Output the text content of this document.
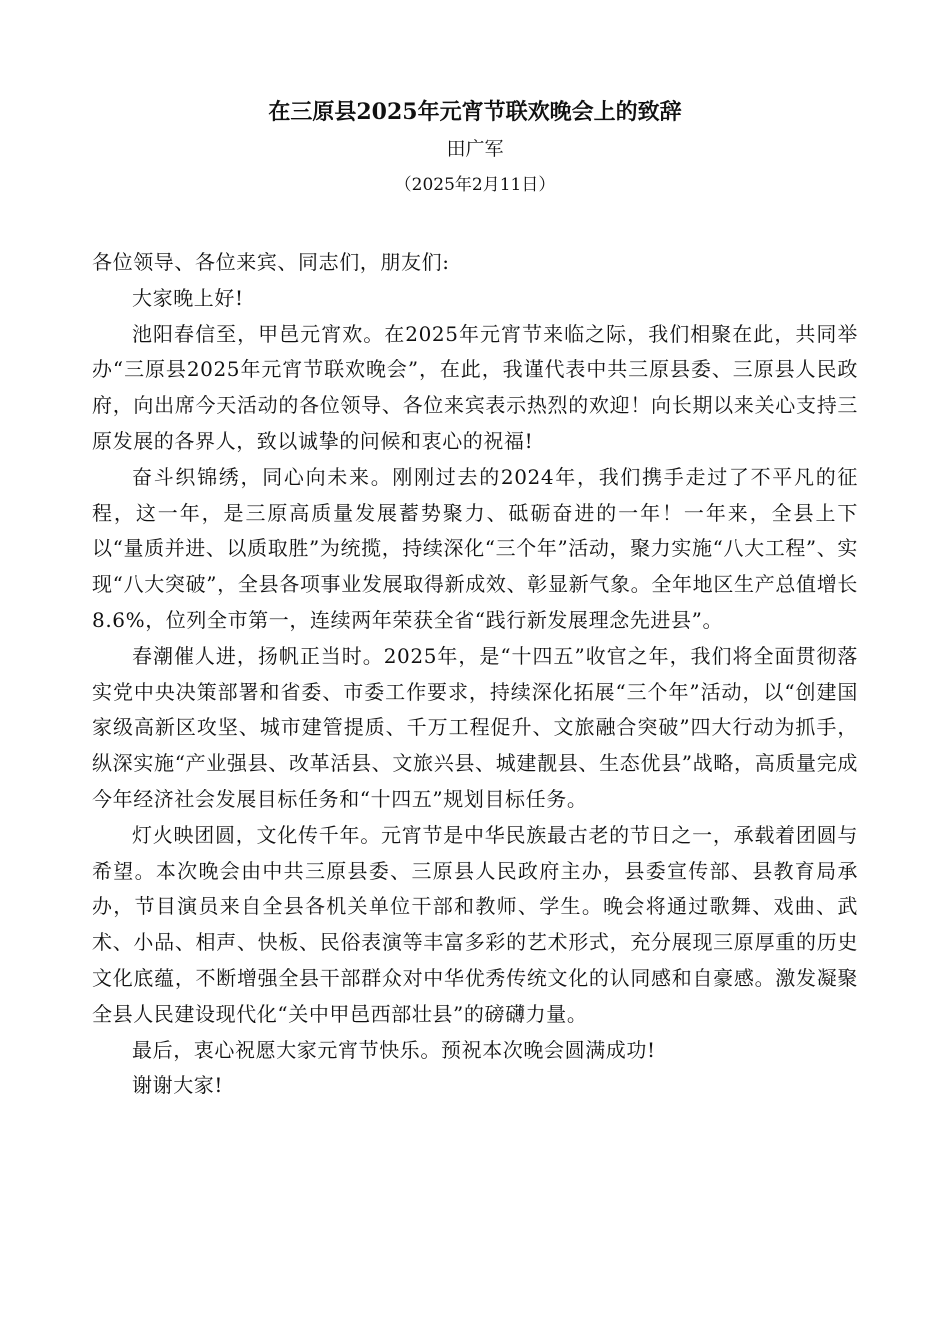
在三原县2025年元宵节联欢晚会上的致辞
田广军
（2025年2月11日）

各位领导、各位来宾、同志们，朋友们:

大家晚上好!

池阳春信至，甲邑元宵欢。在2025年元宵节来临之际，我们相聚在此，共同举办“三原县2025年元宵节联欢晚会”，在此，我谨代表中共三原县委、三原县人民政府，向出席今天活动的各位领导、各位来宾表示热烈的欢迎！向长期以来关心支持三原发展的各界人，致以诚挚的问候和衷心的祝福!

奋斗织锦绣，同心向未来。刚刚过去的2024年，我们携手走过了不平凡的征程，这一年，是三原高质量发展蓄势聚力、砥砺奋进的一年！一年来，全县上下以“量质并进、以质取胜”为统揽，持续深化“三个年”活动，聚力实施“八大工程”、实现“八大突破”，全县各项事业发展取得新成效、彰显新气象。全年地区生产总值增长8.6%，位列全市第一，连续两年荣获全省“践行新发展理念先进县”。

春潮催人进，扬帆正当时。2025年，是“十四五”收官之年，我们将全面贯彻落实党中央决策部署和省委、市委工作要求，持续深化拓展“三个年”活动，以“创建国家级高新区攻坚、城市建管提质、千万工程促升、文旅融合突破”四大行动为抓手，纵深实施“产业强县、改革活县、文旅兴县、城建靓县、生态优县”战略，高质量完成今年经济社会发展目标任务和“十四五”规划目标任务。

灯火映团圆，文化传千年。元宵节是中华民族最古老的节日之一，承载着团圆与希望。本次晚会由中共三原县委、三原县人民政府主办，县委宣传部、县教育局承办，节目演员来自全县各机关单位干部和教师、学生。晚会将通过歌舞、戏曲、武术、小品、相声、快板、民俗表演等丰富多彩的艺术形式，充分展现三原厚重的历史文化底蕴，不断增强全县干部群众对中华优秀传统文化的认同感和自豪感。激发凝聚全县人民建设现代化“关中甲邑西部壮县”的磅礴力量。

最后，衷心祝愿大家元宵节快乐。预祝本次晚会圆满成功!

谢谢大家!
